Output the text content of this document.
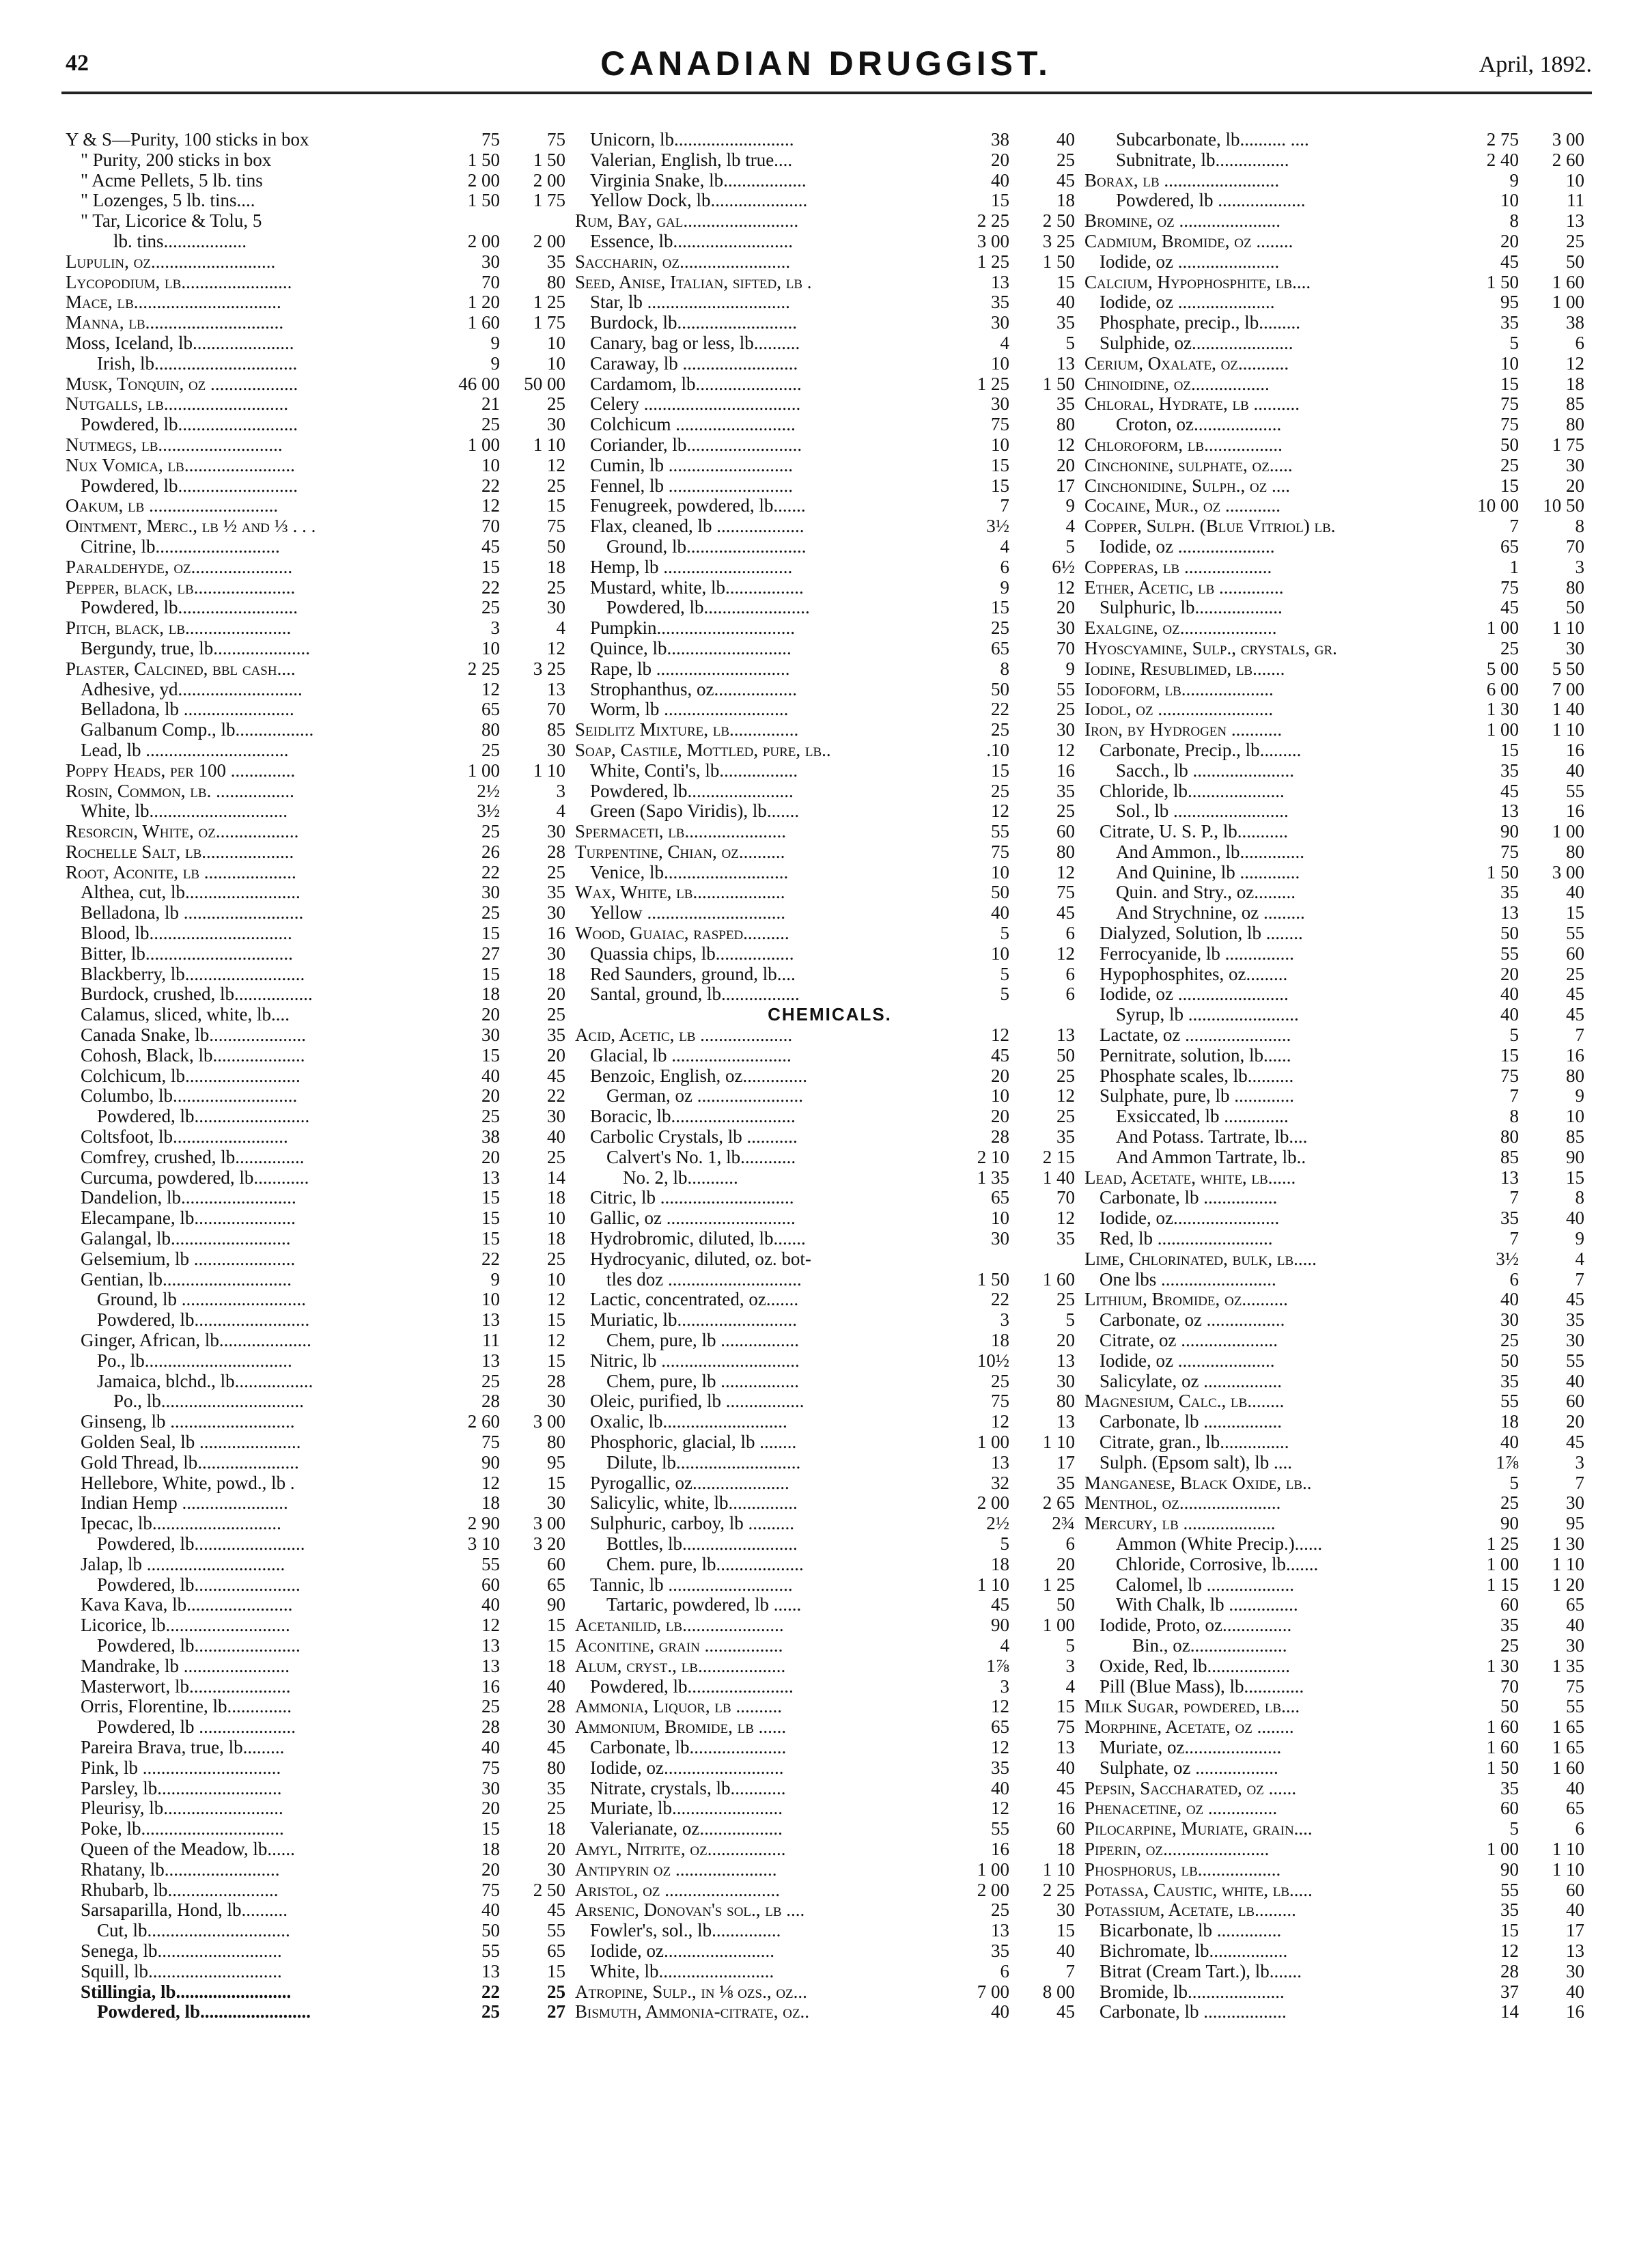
42	CANADIAN DRUGGIST.	April, 1892.
Y & S—Purity, 100 sticks in box	75	75
" Purity, 200 sticks in box	1 50	1 50
" Acme Pellets, 5 lb. tins	2 00	2 00
" Lozenges, 5 lb. tins....	1 50	1 75
" Tar, Licorice & Tolu, 5
lb. tins..................	2 00	2 00
Lupulin, oz...........................	30	35
Lycopodium, lb........................	70	80
Mace, lb................................	1 20	1 25
Manna, lb..............................	1 60	1 75
Moss, Iceland, lb......................	9	10
Irish, lb...............................	9	10
Musk, Tonquin, oz ...................	46 00	50 00
Nutgalls, lb...........................	21	25
Powdered, lb..........................	25	30
Nutmegs, lb...........................	1 00	1 10
Nux Vomica, lb........................	10	12
Powdered, lb..........................	22	25
Oakum, lb ............................	12	15
Ointment, Merc., lb ½ and ⅓ . . .	70	75
Citrine, lb...........................	45	50
Paraldehyde, oz......................	15	18
Pepper, black, lb......................	22	25
Powdered, lb..........................	25	30
Pitch, black, lb.......................	3	4
Bergundy, true, lb.....................	10	12
Plaster, Calcined, bbl cash....	2 25	3 25
Adhesive, yd...........................	12	13
Belladona, lb ........................	65	70
Galbanum Comp., lb.................	80	85
Lead, lb ...............................	25	30
Poppy Heads, per 100 ..............	1 00	1 10
Rosin, Common, lb. .................	2½	3
White, lb..............................	3½	4
Resorcin, White, oz..................	25	30
Rochelle Salt, lb....................	26	28
Root, Aconite, lb ....................	22	25
Althea, cut, lb.........................	30	35
Belladona, lb ..........................	25	30
Blood, lb...............................	15	16
Bitter, lb................................	27	30
Blackberry, lb..........................	15	18
Burdock, crushed, lb.................	18	20
Calamus, sliced, white, lb....	20	25
Canada Snake, lb.....................	30	35
Cohosh, Black, lb....................	15	20
Colchicum, lb.........................	40	45
Columbo, lb...........................	20	22
Powdered, lb.........................	25	30
Coltsfoot, lb.........................	38	40
Comfrey, crushed, lb...............	20	25
Curcuma, powdered, lb............	13	14
Dandelion, lb.........................	15	18
Elecampane, lb......................	15	10
Galangal, lb..........................	15	18
Gelsemium, lb ......................	22	25
Gentian, lb............................	9	10
Ground, lb ...........................	10	12
Powdered, lb.........................	13	15
Ginger, African, lb....................	11	12
Po., lb................................	13	15
Jamaica, blchd., lb.................	25	28
Po., lb...............................	28	30
Ginseng, lb ...........................	2 60	3 00
Golden Seal, lb ......................	75	80
Gold Thread, lb......................	90	95
Hellebore, White, powd., lb .	12	15
Indian Hemp .......................	18	30
Ipecac, lb............................	2 90	3 00
Powdered, lb........................	3 10	3 20
Jalap, lb ..............................	55	60
Powdered, lb.......................	60	65
Kava Kava, lb.......................	40	90
Licorice, lb...........................	12	15
Powdered, lb.......................	13	15
Mandrake, lb .......................	13	18
Masterwort, lb......................	16	40
Orris, Florentine, lb..............	25	28
Powdered, lb .....................	28	30
Pareira Brava, true, lb.........	40	45
Pink, lb ..............................	75	80
Parsley, lb...........................	30	35
Pleurisy, lb..........................	20	25
Poke, lb...............................	15	18
Queen of the Meadow, lb......	18	20
Rhatany, lb.........................	20	30
Rhubarb, lb........................	75	2 50
Sarsaparilla, Hond, lb..........	40	45
Cut, lb...............................	50	55
Senega, lb...........................	55	65
Squill, lb.............................	13	15
Stillingia, lb.........................	22	25
Powdered, lb........................	25	27
Unicorn, lb..........................	38	40
Valerian, English, lb true....	20	25
Virginia Snake, lb..................	40	45
Yellow Dock, lb.....................	15	18
Rum, Bay, gal.........................	2 25	2 50
Essence, lb..........................	3 00	3 25
Saccharin, oz........................	1 25	1 50
Seed, Anise, Italian, sifted, lb .	13	15
Star, lb ...............................	35	40
Burdock, lb..........................	30	35
Canary, bag or less, lb..........	4	5
Caraway, lb .........................	10	13
Cardamom, lb.......................	1 25	1 50
Celery ..................................	30	35
Colchicum ..........................	75	80
Coriander, lb.........................	10	12
Cumin, lb ...........................	15	20
Fennel, lb ...........................	15	17
Fenugreek, powdered, lb.......	7	9
Flax, cleaned, lb ...................	3½	4
Ground, lb..........................	4	5
Hemp, lb ............................	6	6½
Mustard, white, lb.................	9	12
Powdered, lb.......................	15	20
Pumpkin..............................	25	30
Quince, lb...........................	65	70
Rape, lb .............................	8	9
Strophanthus, oz..................	50	55
Worm, lb ...........................	22	25
Seidlitz Mixture, lb...............	25	30
Soap, Castile, Mottled, pure, lb..	.10	12
White, Conti's, lb.................	15	16
Powdered, lb.......................	25	35
Green (Sapo Viridis), lb.......	12	25
Spermaceti, lb......................	55	60
Turpentine, Chian, oz..........	75	80
Venice, lb...........................	10	12
Wax, White, lb....................	50	75
Yellow ..............................	40	45
Wood, Guaiac, rasped..........	5	6
Quassia chips, lb.................	10	12
Red Saunders, ground, lb....	5	6
Santal, ground, lb.................	5	6
CHEMICALS.
Acid, Acetic, lb ....................	12	13
Glacial, lb ..........................	45	50
Benzoic, English, oz..............	20	25
German, oz .......................	10	12
Boracic, lb...........................	20	25
Carbolic Crystals, lb ...........	28	35
Calvert's No. 1, lb............	2 10	2 15
No. 2, lb...........	1 35	1 40
Citric, lb .............................	65	70
Gallic, oz ............................	10	12
Hydrobromic, diluted, lb.......	30	35
Hydrocyanic, diluted, oz. bot-
tles doz .............................	1 50	1 60
Lactic, concentrated, oz.......	22	25
Muriatic, lb..........................	3	5
Chem, pure, lb .................	18	20
Nitric, lb ..............................	10½	13
Chem, pure, lb .................	25	30
Oleic, purified, lb .................	75	80
Oxalic, lb...........................	12	13
Phosphoric, glacial, lb ........	1 00	1 10
Dilute, lb...........................	13	17
Pyrogallic, oz.....................	32	35
Salicylic, white, lb...............	2 00	2 65
Sulphuric, carboy, lb ..........	2½	2¾
Bottles, lb.........................	5	6
Chem. pure, lb...................	18	20
Tannic, lb ...........................	1 10	1 25
Tartaric, powdered, lb ......	45	50
Acetanilid, lb......................	90	1 00
Aconitine, grain .................	4	5
Alum, cryst., lb...................	1⅞	3
Powdered, lb.......................	3	4
Ammonia, Liquor, lb ..........	12	15
Ammonium, Bromide, lb ......	65	75
Carbonate, lb.....................	12	13
Iodide, oz..........................	35	40
Nitrate, crystals, lb............	40	45
Muriate, lb........................	12	16
Valerianate, oz..................	55	60
Amyl, Nitrite, oz.................	16	18
Antipyrin oz ......................	1 00	1 10
Aristol, oz .........................	2 00	2 25
Arsenic, Donovan's sol., lb ....	25	30
Fowler's, sol., lb...............	13	15
Iodide, oz........................	35	40
White, lb.........................	6	7
Atropine, Sulp., in ⅛ ozs., oz...	7 00	8 00
Bismuth, Ammonia-citrate, oz..	40	45
Subcarbonate, lb.......... ....	2 75	3 00
Subnitrate, lb................	2 40	2 60
Borax, lb .........................	9	10
Powdered, lb ...................	10	11
Bromine, oz ......................	8	13
Cadmium, Bromide, oz ........	20	25
Iodide, oz ......................	45	50
Calcium, Hypophosphite, lb....	1 50	1 60
Iodide, oz .....................	95	1 00
Phosphate, precip., lb.........	35	38
Sulphide, oz......................	5	6
Cerium, Oxalate, oz...........	10	12
Chinoidine, oz.................	15	18
Chloral, Hydrate, lb ..........	75	85
Croton, oz...................	75	80
Chloroform, lb.................	50	1 75
Cinchonine, sulphate, oz.....	25	30
Cinchonidine, Sulph., oz ....	15	20
Cocaine, Mur., oz ............	10 00	10 50
Copper, Sulph. (Blue Vitriol) lb.	7	8
Iodide, oz .....................	65	70
Copperas, lb ...................	1	3
Ether, Acetic, lb ..............	75	80
Sulphuric, lb...................	45	50
Exalgine, oz.....................	1 00	1 10
Hyoscyamine, Sulp., crystals, gr.	25	30
Iodine, Resublimed, lb.......	5 00	5 50
Iodoform, lb....................	6 00	7 00
Iodol, oz .........................	1 30	1 40
Iron, by Hydrogen ...........	1 00	1 10
Carbonate, Precip., lb.........	15	16
Sacch., lb ......................	35	40
Chloride, lb.....................	45	55
Sol., lb .........................	13	16
Citrate, U. S. P., lb...........	90	1 00
And Ammon., lb..............	75	80
And Quinine, lb .............	1 50	3 00
Quin. and Stry., oz.........	35	40
And Strychnine, oz .........	13	15
Dialyzed, Solution, lb ........	50	55
Ferrocyanide, lb ...............	55	60
Hypophosphites, oz.........	20	25
Iodide, oz ........................	40	45
Syrup, lb ........................	40	45
Lactate, oz .......................	5	7
Pernitrate, solution, lb......	15	16
Phosphate scales, lb..........	75	80
Sulphate, pure, lb .............	7	9
Exsiccated, lb ..............	8	10
And Potass. Tartrate, lb....	80	85
And Ammon Tartrate, lb..	85	90
Lead, Acetate, white, lb......	13	15
Carbonate, lb ................	7	8
Iodide, oz.......................	35	40
Red, lb .........................	7	9
Lime, Chlorinated, bulk, lb.....	3½	4
One lbs .........................	6	7
Lithium, Bromide, oz..........	40	45
Carbonate, oz .................	30	35
Citrate, oz .....................	25	30
Iodide, oz .....................	50	55
Salicylate, oz .................	35	40
Magnesium, Calc., lb........	55	60
Carbonate, lb .................	18	20
Citrate, gran., lb...............	40	45
Sulph. (Epsom salt), lb ....	1⅞	3
Manganese, Black Oxide, lb..	5	7
Menthol, oz......................	25	30
Mercury, lb ....................	90	95
Ammon (White Precip.)......	1 25	1 30
Chloride, Corrosive, lb.......	1 00	1 10
Calomel, lb ...................	1 15	1 20
With Chalk, lb ...............	60	65
Iodide, Proto, oz...............	35	40
Bin., oz.....................	25	30
Oxide, Red, lb..................	1 30	1 35
Pill (Blue Mass), lb.............	70	75
Milk Sugar, powdered, lb....	50	55
Morphine, Acetate, oz ........	1 60	1 65
Muriate, oz.....................	1 60	1 65
Sulphate, oz ..................	1 50	1 60
Pepsin, Saccharated, oz ......	35	40
Phenacetine, oz ...............	60	65
Pilocarpine, Muriate, grain....	5	6
Piperin, oz.......................	1 00	1 10
Phosphorus, lb..................	90	1 10
Potassa, Caustic, white, lb.....	55	60
Potassium, Acetate, lb.........	35	40
Bicarbonate, lb ..............	15	17
Bichromate, lb.................	12	13
Bitrat (Cream Tart.), lb.......	28	30
Bromide, lb.....................	37	40
Carbonate, lb ..................	14	16
